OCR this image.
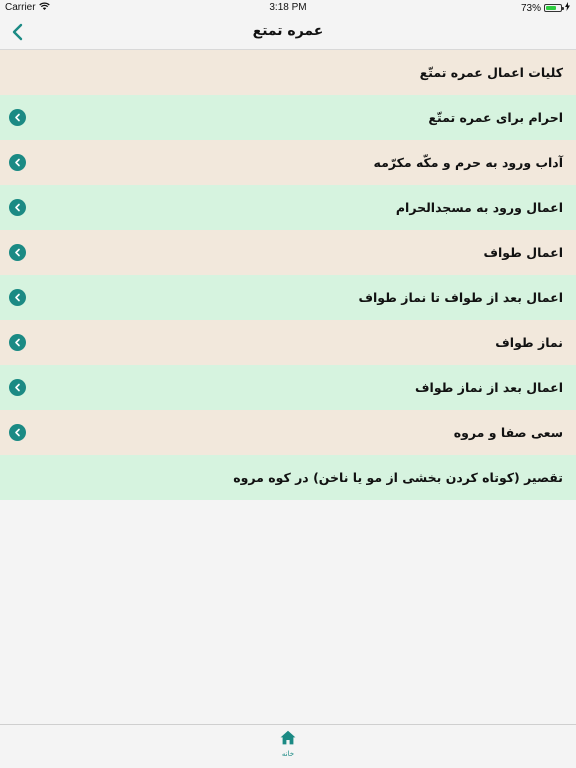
Carrier	3:18 PM	73%
عمره تمتع
کلیات اعمال عمره تمتّع
احرام برای عمره تمتّع
آداب ورود به حرم و مکّه مکرّمه
اعمال ورود به مسجدالحرام
اعمال طواف
اعمال بعد از طواف تا نماز طواف
نماز طواف
اعمال بعد از نماز طواف
سعی صفا و مروه
تقصیر (کوتاه کردن بخشی از مو یا ناخن) در کوه مروه
خانه
